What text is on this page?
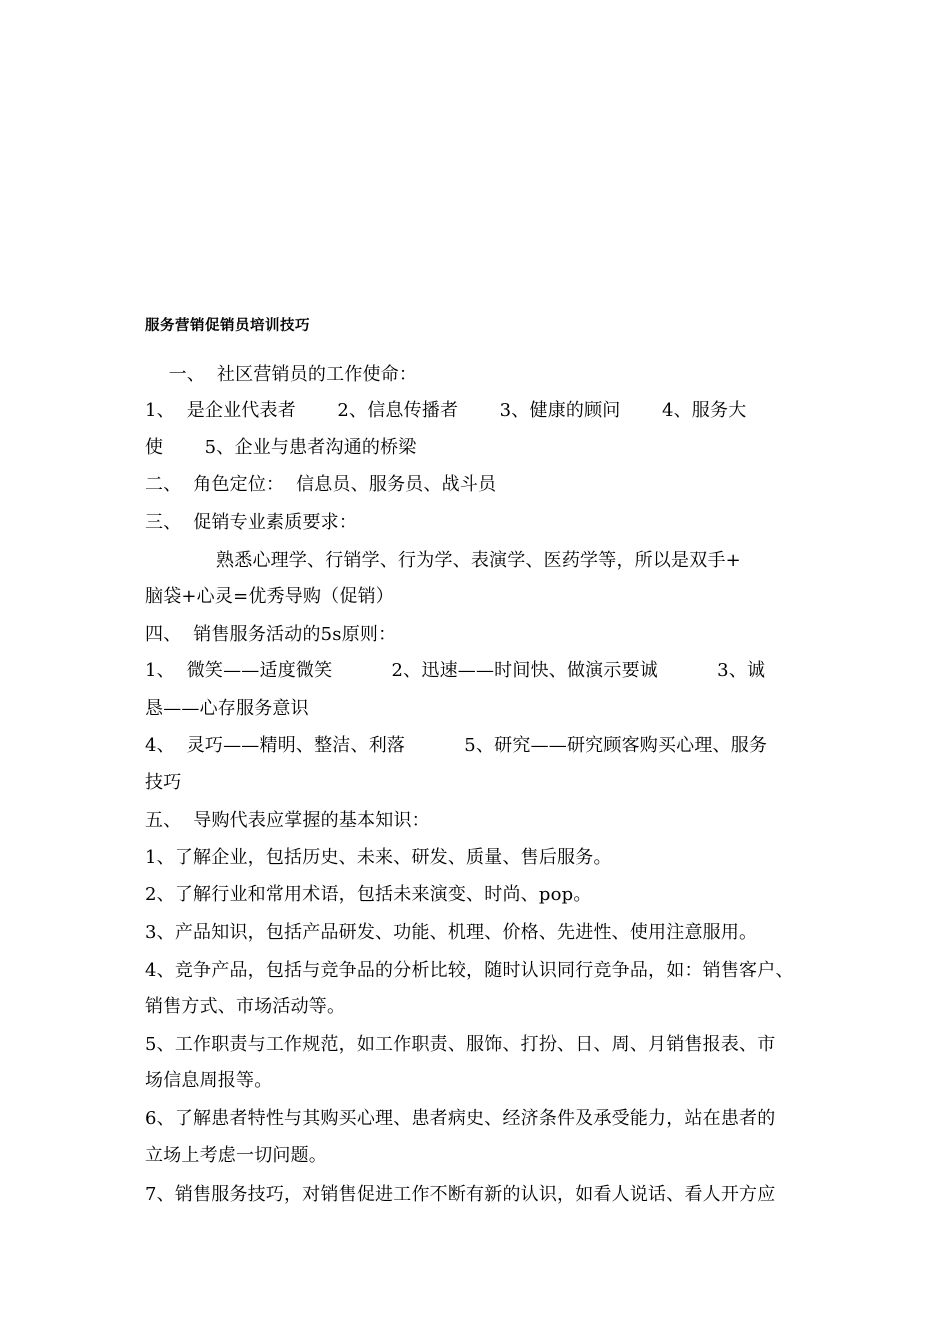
服务营销促销员培训技巧
一、  社区营销员的工作使命：
1、  是企业代表者       2、信息传播者       3、健康的顾问       4、服务大
使       5、企业与患者沟通的桥梁
二、  角色定位：  信息员、服务员、战斗员
三、  促销专业素质要求：
熟悉心理学、行销学、行为学、表演学、医药学等，所以是双手+
脑袋+心灵=优秀导购（促销）
四、  销售服务活动的5s原则：
1、  微笑——适度微笑          2、迅速——时间快、做演示要诚          3、诚
恳——心存服务意识
4、  灵巧——精明、整洁、利落          5、研究——研究顾客购买心理、服务
技巧
五、  导购代表应掌握的基本知识：
1、了解企业，包括历史、未来、研发、质量、售后服务。
2、了解行业和常用术语，包括未来演变、时尚、pop。
3、产品知识，包括产品研发、功能、机理、价格、先进性、使用注意服用。
4、竞争产品，包括与竞争品的分析比较，随时认识同行竞争品，如：销售客户、
销售方式、市场活动等。
5、工作职责与工作规范，如工作职责、服饰、打扮、日、周、月销售报表、市
场信息周报等。
6、了解患者特性与其购买心理、患者病史、经济条件及承受能力，站在患者的
立场上考虑一切问题。
7、销售服务技巧，对销售促进工作不断有新的认识，如看人说话、看人开方应
